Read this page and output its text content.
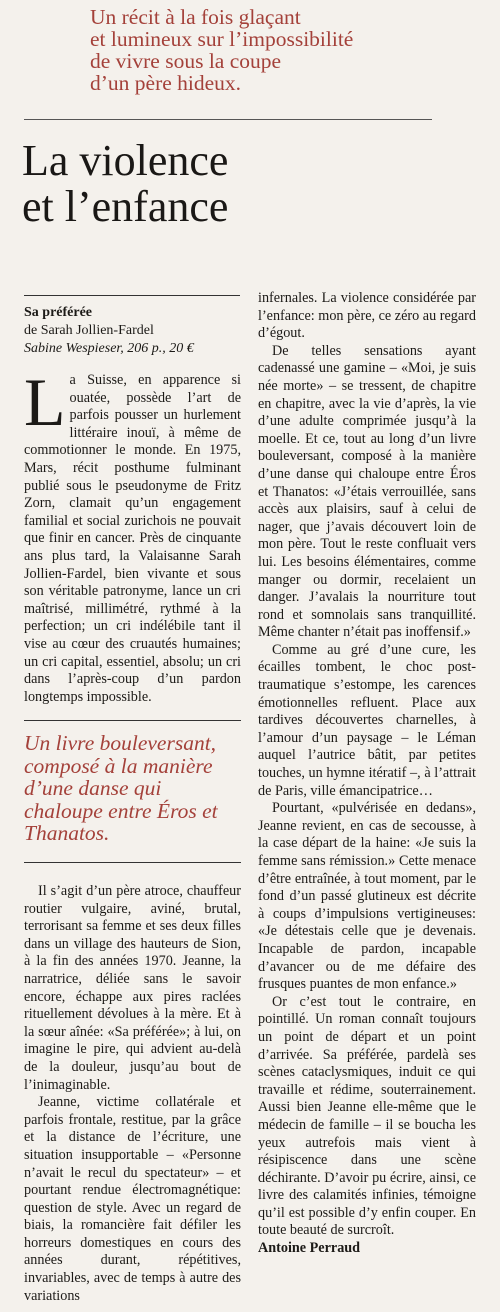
Un récit à la fois glaçant
et lumineux sur l’impossibilité
de vivre sous la coupe
d’un père hideux.
La violence
et l’enfance
Sa préférée
de Sarah Jollien-Fardel
Sabine Wespieser, 206 p., 20 €

La Suisse, en apparence si ouatée, possède l’art de parfois pousser un hurlement littéraire inouï, à même de commotionner le monde. En 1975, Mars, récit posthume fulminant publié sous le pseudonyme de Fritz Zorn, clamait qu’un engagement familial et social zurichois ne pouvait que finir en cancer. Près de cinquante ans plus tard, la Valaisanne Sarah Jollien-Fardel, bien vivante et sous son véritable patronyme, lance un cri maîtrisé, millimétré, rythmé à la perfection; un cri indélébile tant il vise au cœur des cruautés humaines; un cri capital, essentiel, absolu; un cri dans l’après-coup d’un pardon longtemps impossible.

Un livre bouleversant, composé à la manière d’une danse qui chaloupe entre Éros et Thanatos.

Il s’agit d’un père atroce, chauffeur routier vulgaire, aviné, brutal, terrorisant sa femme et ses deux filles dans un village des hauteurs de Sion, à la fin des années 1970. Jeanne, la narratrice, déliée sans le savoir encore, échappe aux pires raclées rituellement dévolues à la mère. Et à la sœur aînée: «Sa préférée»; à lui, on imagine le pire, qui advient au-delà de la douleur, jusqu’au bout de l’inimaginable.

Jeanne, victime collatérale et parfois frontale, restitue, par la grâce et la distance de l’écriture, une situation insupportable – «Personne n’avait le recul du spectateur» – et pourtant rendue électromagnétique: question de style. Avec un regard de biais, la romancière fait défiler les horreurs domestiques en cours des années durant, répétitives, invariables, avec de temps à autre des variations

infernales. La violence considérée par l’enfance: mon père, ce zéro au regard d’égout.

De telles sensations ayant cadenassé une gamine – «Moi, je suis née morte» – se tressent, de chapitre en chapitre, avec la vie d’après, la vie d’une adulte comprimée jusqu’à la moelle. Et ce, tout au long d’un livre bouleversant, composé à la manière d’une danse qui chaloupe entre Éros et Thanatos: «J’étais verrouillée, sans accès aux plaisirs, sauf à celui de nager, que j’avais découvert loin de mon père. Tout le reste confluait vers lui. Les besoins élémentaires, comme manger ou dormir, recelaient un danger. J’avalais la nourriture tout rond et somnolais sans tranquillité. Même chanter n’était pas inoffensif.»

Comme au gré d’une cure, les écailles tombent, le choc post-traumatique s’estompe, les carences émotionnelles refluent. Place aux tardives découvertes charnelles, à l’amour d’un paysage – le Léman auquel l’autrice bâtit, par petites touches, un hymne itératif –, à l’attrait de Paris, ville émancipatrice…

Pourtant, «pulvérisée en dedans», Jeanne revient, en cas de secousse, à la case départ de la haine: «Je suis la femme sans rémission.» Cette menace d’être entraînée, à tout moment, par le fond d’un passé glutineux est décrite à coups d’impulsions vertigineuses: «Je détestais celle que je devenais. Incapable de pardon, incapable d’avancer ou de me défaire des frusques puantes de mon enfance.»

Or c’est tout le contraire, en pointillé. Un roman connaît toujours un point de départ et un point d’arrivée. Sa préférée, pardelà ses scènes cataclysmiques, induit ce qui travaille et rédime, souterrainement. Aussi bien Jeanne elle-même que le médecin de famille – il se boucha les yeux autrefois mais vient à résipiscence dans une scène déchirante. D’avoir pu écrire, ainsi, ce livre des calamités infinies, témoigne qu’il est possible d’y enfin couper. En toute beauté de surcroît.

Antoine Perraud
